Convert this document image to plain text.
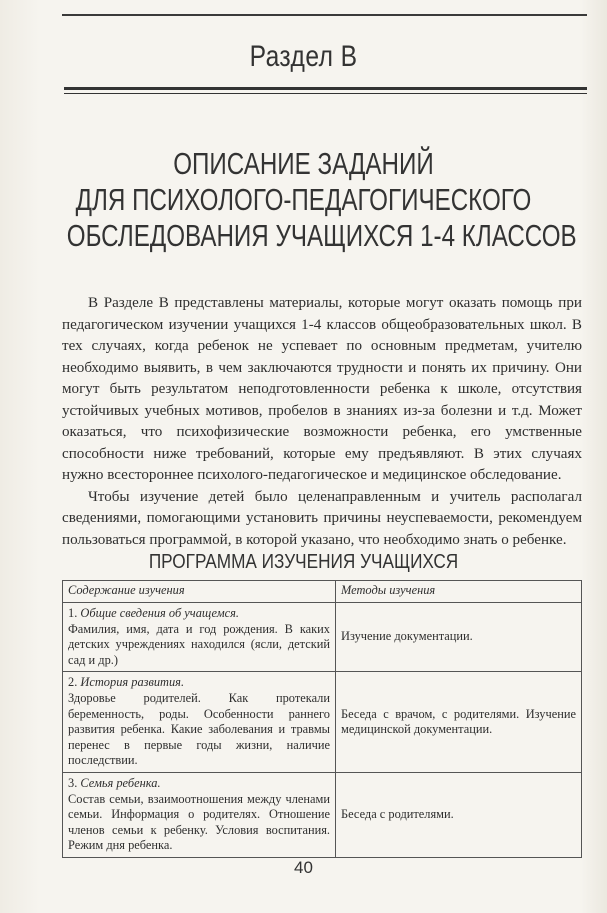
Раздел В
ОПИСАНИЕ ЗАДАНИЙ
ДЛЯ ПСИХОЛОГО-ПЕДАГОГИЧЕСКОГО
ОБСЛЕДОВАНИЯ УЧАЩИХСЯ 1-4 КЛАССОВ

В Разделе В представлены материалы, которые могут оказать помощь при педагогическом изучении учащихся 1-4 классов общеобразовательных школ. В тех случаях, когда ребенок не успевает по основным предметам, учителю необходимо выявить, в чем заключаются трудности и понять их причину. Они могут быть результатом неподготовленности ребенка к школе, отсутствия устойчивых учебных мотивов, пробелов в знаниях из-за болезни и т.д. Может оказаться, что психофизические возможности ребенка, его умственные способности ниже требований, которые ему предъявляют. В этих случаях нужно всестороннее психолого-педагогическое и медицинское обследование.

Чтобы изучение детей было целенаправленным и учитель располагал сведениями, помогающими установить причины неуспеваемости, рекомендуем пользоваться программой, в которой указано, что необходимо знать о ребенке.

ПРОГРАММА ИЗУЧЕНИЯ УЧАЩИХСЯ
Содержание изучения	Методы изучения
1. Общие сведения об учащемся.
Фамилия, имя, дата и год рождения. В каких детских учреждениях находился (ясли, детский сад и др.)	Изучение документации.
2. История развития.
Здоровье родителей. Как протекали беременность, роды. Особенности раннего развития ребенка. Какие заболевания и травмы перенес в первые годы жизни, наличие последствии.	Беседа с врачом, с родителями. Изучение медицинской документации.
3. Семья ребенка.
Состав семьи, взаимоотношения между членами семьи. Информация о родителях. Отношение членов семьи к ребенку. Условия воспитания. Режим дня ребенка.	Беседа с родителями.
40
